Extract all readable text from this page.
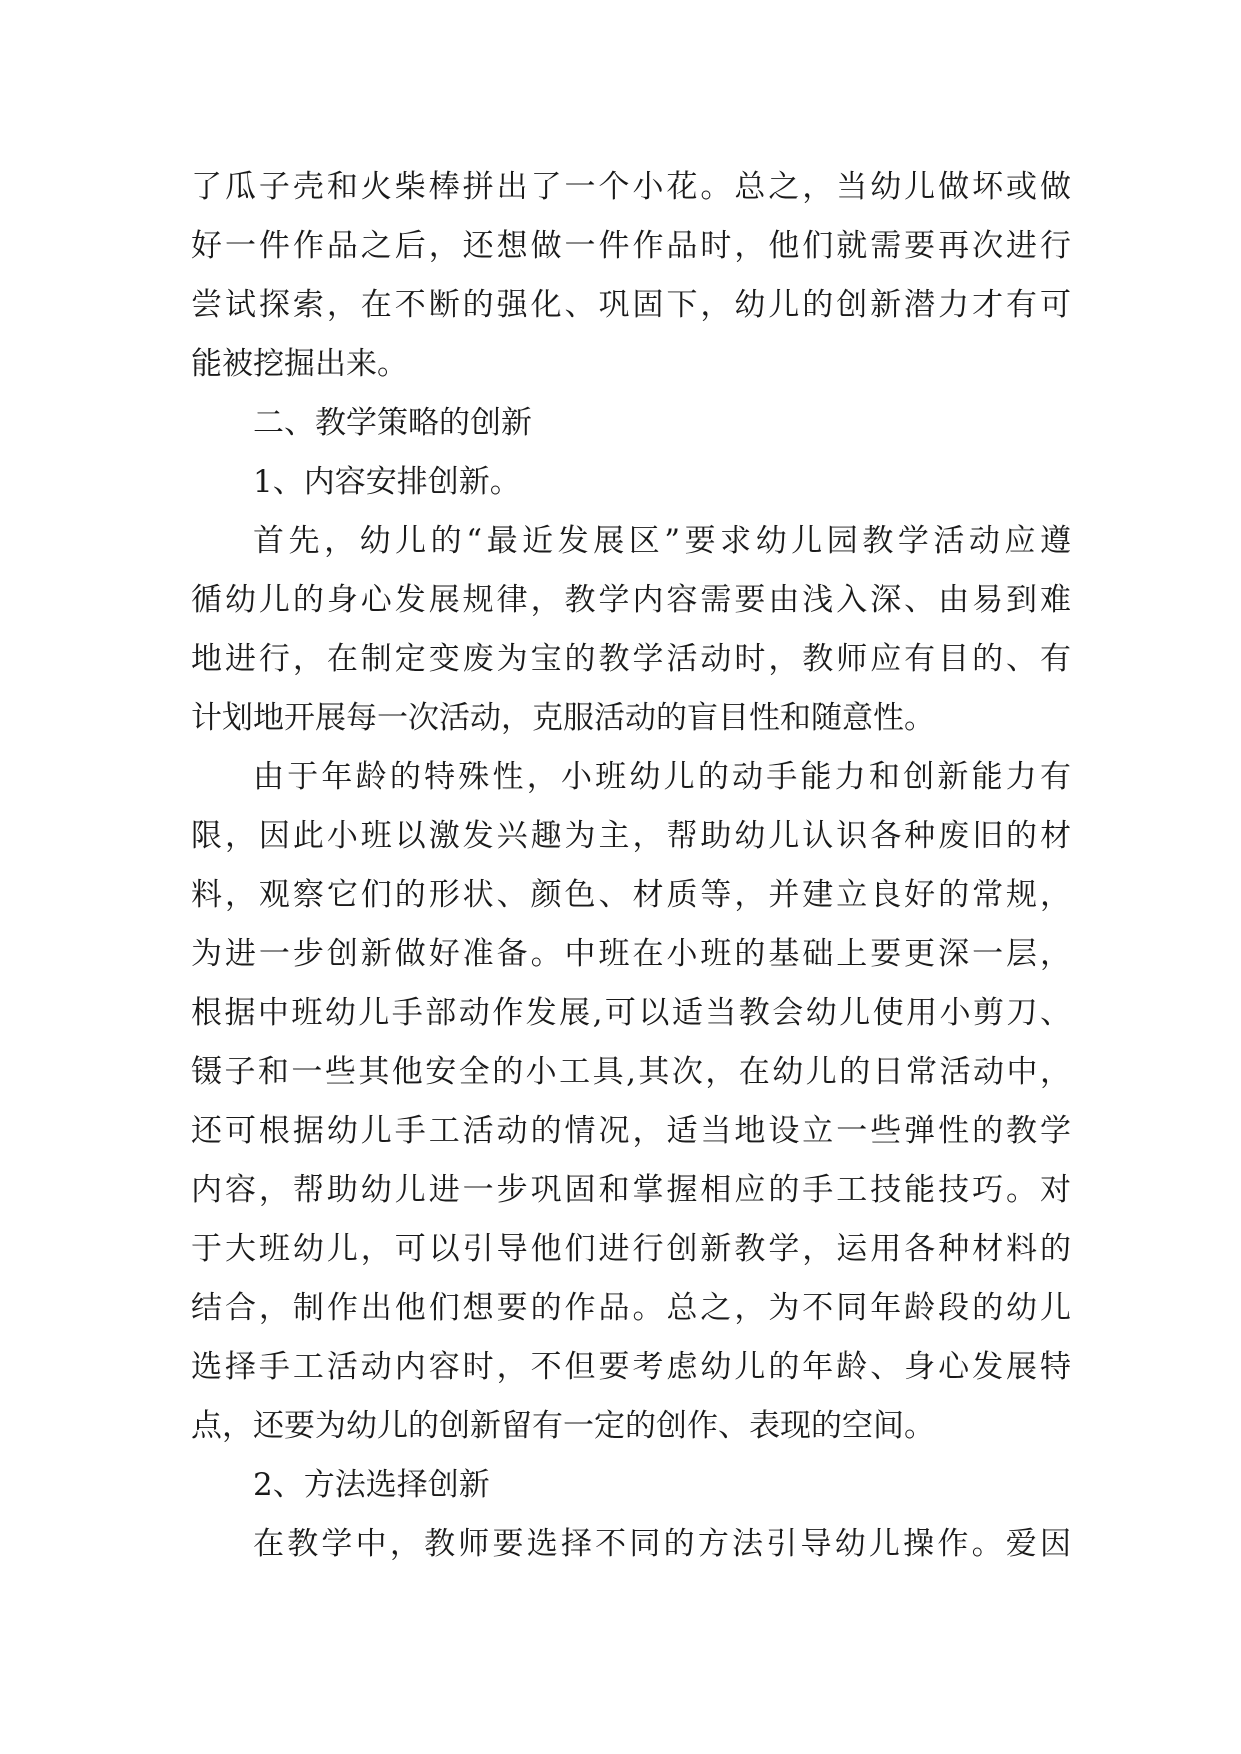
了瓜子壳和火柴棒拼出了一个小花。总之，当幼儿做坏或做
好一件作品之后，还想做一件作品时，他们就需要再次进行
尝试探索，在不断的强化、巩固下，幼儿的创新潜力才有可
能被挖掘出来。
二、教学策略的创新
1、内容安排创新。
首先，幼儿的“最近发展区”要求幼儿园教学活动应遵
循幼儿的身心发展规律，教学内容需要由浅入深、由易到难
地进行，在制定变废为宝的教学活动时，教师应有目的、有
计划地开展每一次活动，克服活动的盲目性和随意性。
由于年龄的特殊性，小班幼儿的动手能力和创新能力有
限，因此小班以激发兴趣为主，帮助幼儿认识各种废旧的材
料，观察它们的形状、颜色、材质等，并建立良好的常规，
为进一步创新做好准备。中班在小班的基础上要更深一层，
根据中班幼儿手部动作发展,可以适当教会幼儿使用小剪刀、
镊子和一些其他安全的小工具,其次，在幼儿的日常活动中，
还可根据幼儿手工活动的情况，适当地设立一些弹性的教学
内容，帮助幼儿进一步巩固和掌握相应的手工技能技巧。对
于大班幼儿，可以引导他们进行创新教学，运用各种材料的
结合，制作出他们想要的作品。总之，为不同年龄段的幼儿
选择手工活动内容时，不但要考虑幼儿的年龄、身心发展特
点，还要为幼儿的创新留有一定的创作、表现的空间。
2、方法选择创新
在教学中，教师要选择不同的方法引导幼儿操作。爱因
